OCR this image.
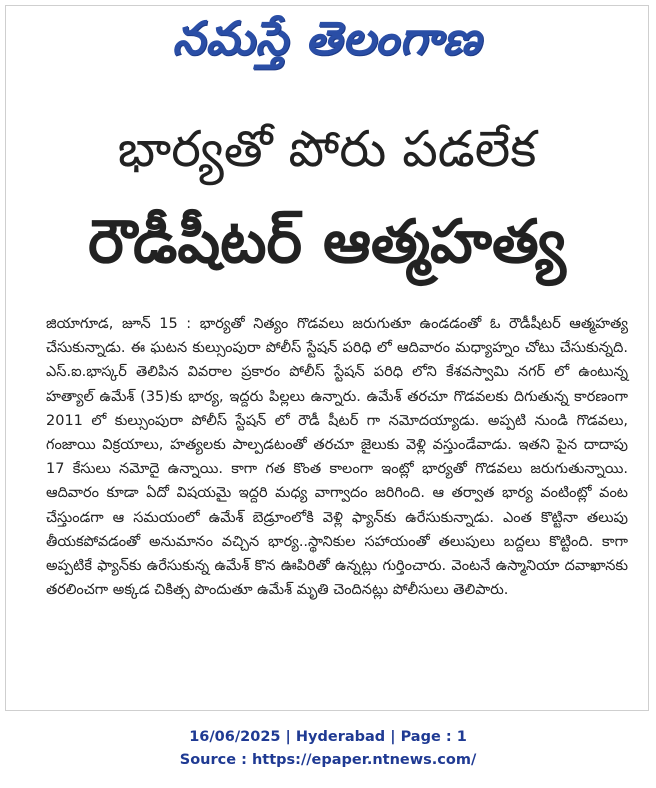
నమస్తే తెలంగాణ
భార్యతో పోరు పడలేక
రౌడీషీటర్ ఆత్మహత్య

జియాగూడ, జూన్ 15 : భార్యతో నిత్యం గొడవలు జరుగుతూ ఉండడంతో ఓ రౌడీషీటర్ ఆత్మహత్య చేసుకున్నాడు. ఈ ఘటన కుల్సుంపురా పోలీస్ స్టేషన్ పరిధి లో ఆదివారం మధ్యాహ్నం చోటు చేసుకున్నది. ఎస్.ఐ.భాస్కర్ తెలిపిన వివరాల ప్రకారం పోలీస్ స్టేషన్ పరిధి లోని కేశవస్వామి నగర్ లో ఉంటున్న హత్యాల్ ఉమేశ్ (35)కు భార్య, ఇద్దరు పిల్లలు ఉన్నారు. ఉమేశ్ తరచూ గొడవలకు దిగుతున్న కారణంగా 2011 లో కుల్సుంపురా పోలీస్ స్టేషన్ లో రౌడీ షీటర్ గా నమోదయ్యాడు. అప్పటి నుండి గొడవలు, గంజాయి విక్రయాలు, హత్యలకు పాల్పడటంతో తరచూ జైలుకు వెళ్లి వస్తుండేవాడు. ఇతని పైన దాదాపు 17 కేసులు నమోదై ఉన్నాయి. కాగా గత కొంత కాలంగా ఇంట్లో భార్యతో గొడవలు జరుగుతున్నాయి. ఆదివారం కూడా ఏదో విషయమై ఇద్దరి మధ్య వాగ్వాదం జరిగింది. ఆ తర్వాత భార్య వంటింట్లో వంట చేస్తుండగా ఆ సమయంలో ఉమేశ్ బెడ్రూంలోకి వెళ్లి ఫ్యాన్‌కు ఉరేసుకున్నాడు. ఎంత కొట్టినా తలుపు తీయకపోవడంతో అనుమానం వచ్చిన భార్య..స్థానికుల సహాయంతో తలుపులు బద్దలు కొట్టింది. కాగా అప్పటికే ఫ్యాన్‌కు ఉరేసుకున్న ఉమేశ్ కొన ఊపిరితో ఉన్నట్లు గుర్తించారు. వెంటనే ఉస్మానియా దవాఖానకు తరలించగా అక్కడ చికిత్స పొందుతూ ఉమేశ్ మృతి చెందినట్లు పోలీసులు తెలిపారు.

16/06/2025 | Hyderabad | Page : 1
Source : https://epaper.ntnews.com/
